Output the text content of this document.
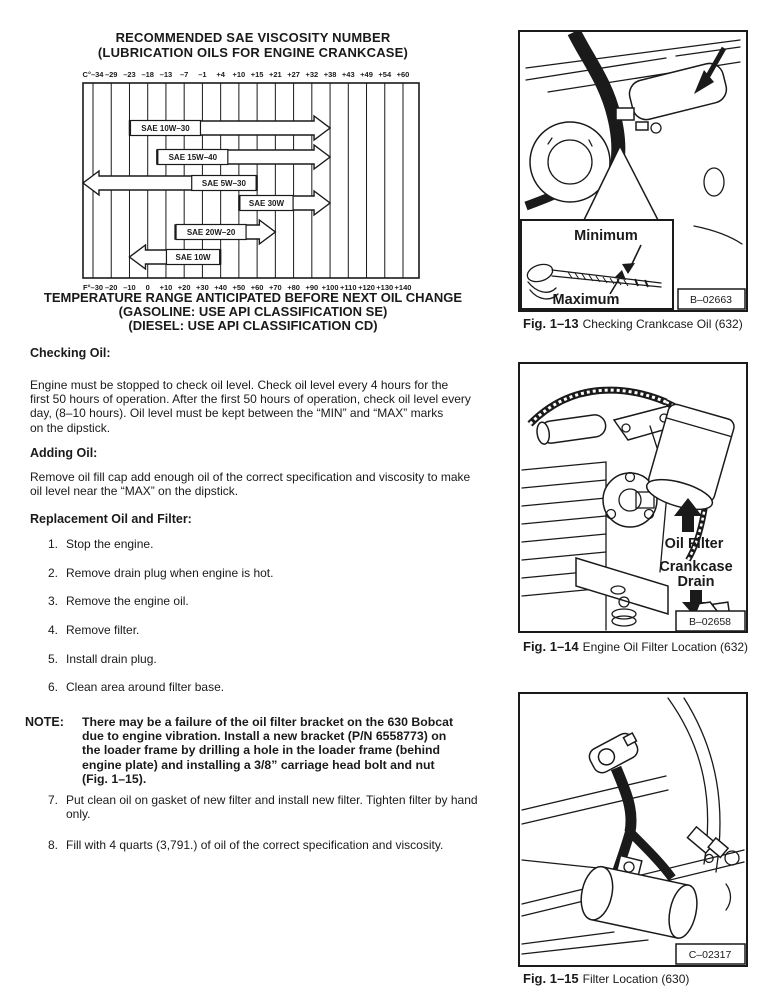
RECOMMENDED SAE VISCOSITY NUMBER
(LUBRICATION OILS FOR ENGINE CRANKCASE)
C°–34
F°–30
–29
–20
–23
–10
–18
0
–13
+10
–7
+20
–1
+30
+4
+40
+10
+50
+15
+60
+21
+70
+27
+80
+32
+90
+38
+100
+43
+110
+49
+120
+54
+130
+60
+140
SAE 10W–30
SAE 15W–40
SAE 5W–30
SAE 30W
SAE 20W–20
SAE 10W
TEMPERATURE RANGE ANTICIPATED BEFORE NEXT OIL CHANGE
(GASOLINE: USE API CLASSIFICATION SE)
(DIESEL: USE API CLASSIFICATION CD)
Checking Oil:
Engine must be stopped to check oil level. Check oil level every 4 hours for the
first 50 hours of operation. After the first 50 hours of operation, check oil level every
day, (8–10 hours). Oil level must be kept between the “MIN” and “MAX” marks
on the dipstick.
Adding Oil:
Remove oil fill cap add enough oil of the correct specification and viscosity to make
oil level near the “MAX” on the dipstick.
Replacement Oil and Filter:
1. Stop the engine.
2. Remove drain plug when engine is hot.
3. Remove the engine oil.
4. Remove filter.
5. Install drain plug.
6. Clean area around filter base.
NOTE: There may be a failure of the oil filter bracket on the 630 Bobcat
due to engine vibration. Install a new bracket (P/N 6558773) on
the loader frame by drilling a hole in the loader frame (behind
engine plate) and installing a 3/8” carriage head bolt and nut
(Fig. 1–15).
7. Put clean oil on gasket of new filter and install new filter. Tighten filter by hand
only.
8. Fill with 4 quarts (3,791.) of oil of the correct specification and viscosity.
Minimum
Maximum	B–02663
Fig. 1–13 Checking Crankcase Oil (632)
Oil Filter
Crankcase
Drain
B–02658
Fig. 1–14 Engine Oil Filter Location (632)
C–02317
Fig. 1–15 Filter Location (630)
